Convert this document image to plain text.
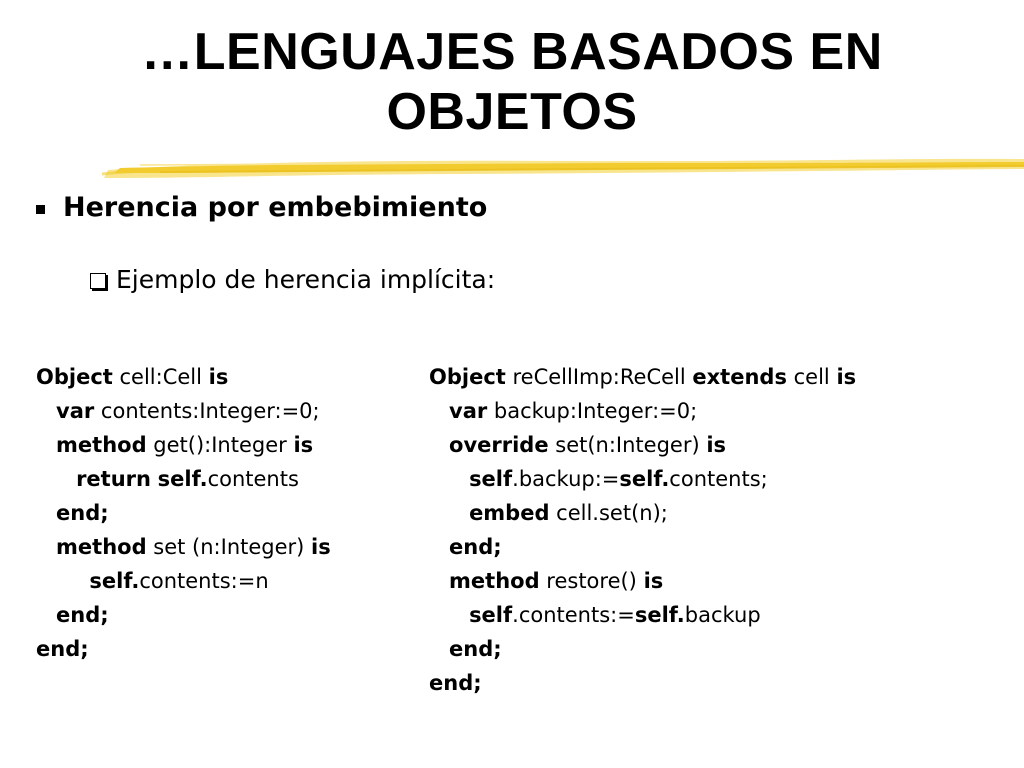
…LENGUAJES BASADOS EN
OBJETOS
Herencia por embebimiento
Ejemplo de herencia implícita:
Object cell:Cell is
var contents:Integer:=0;
method get():Integer is
return self.contents
end;
method set (n:Integer) is
self.contents:=n
end;
end;
Object reCellImp:ReCell extends cell is
var backup:Integer:=0;
override set(n:Integer) is
self.backup:=self.contents;
embed cell.set(n);
end;
method restore() is
self.contents:=self.backup
end;
end;
